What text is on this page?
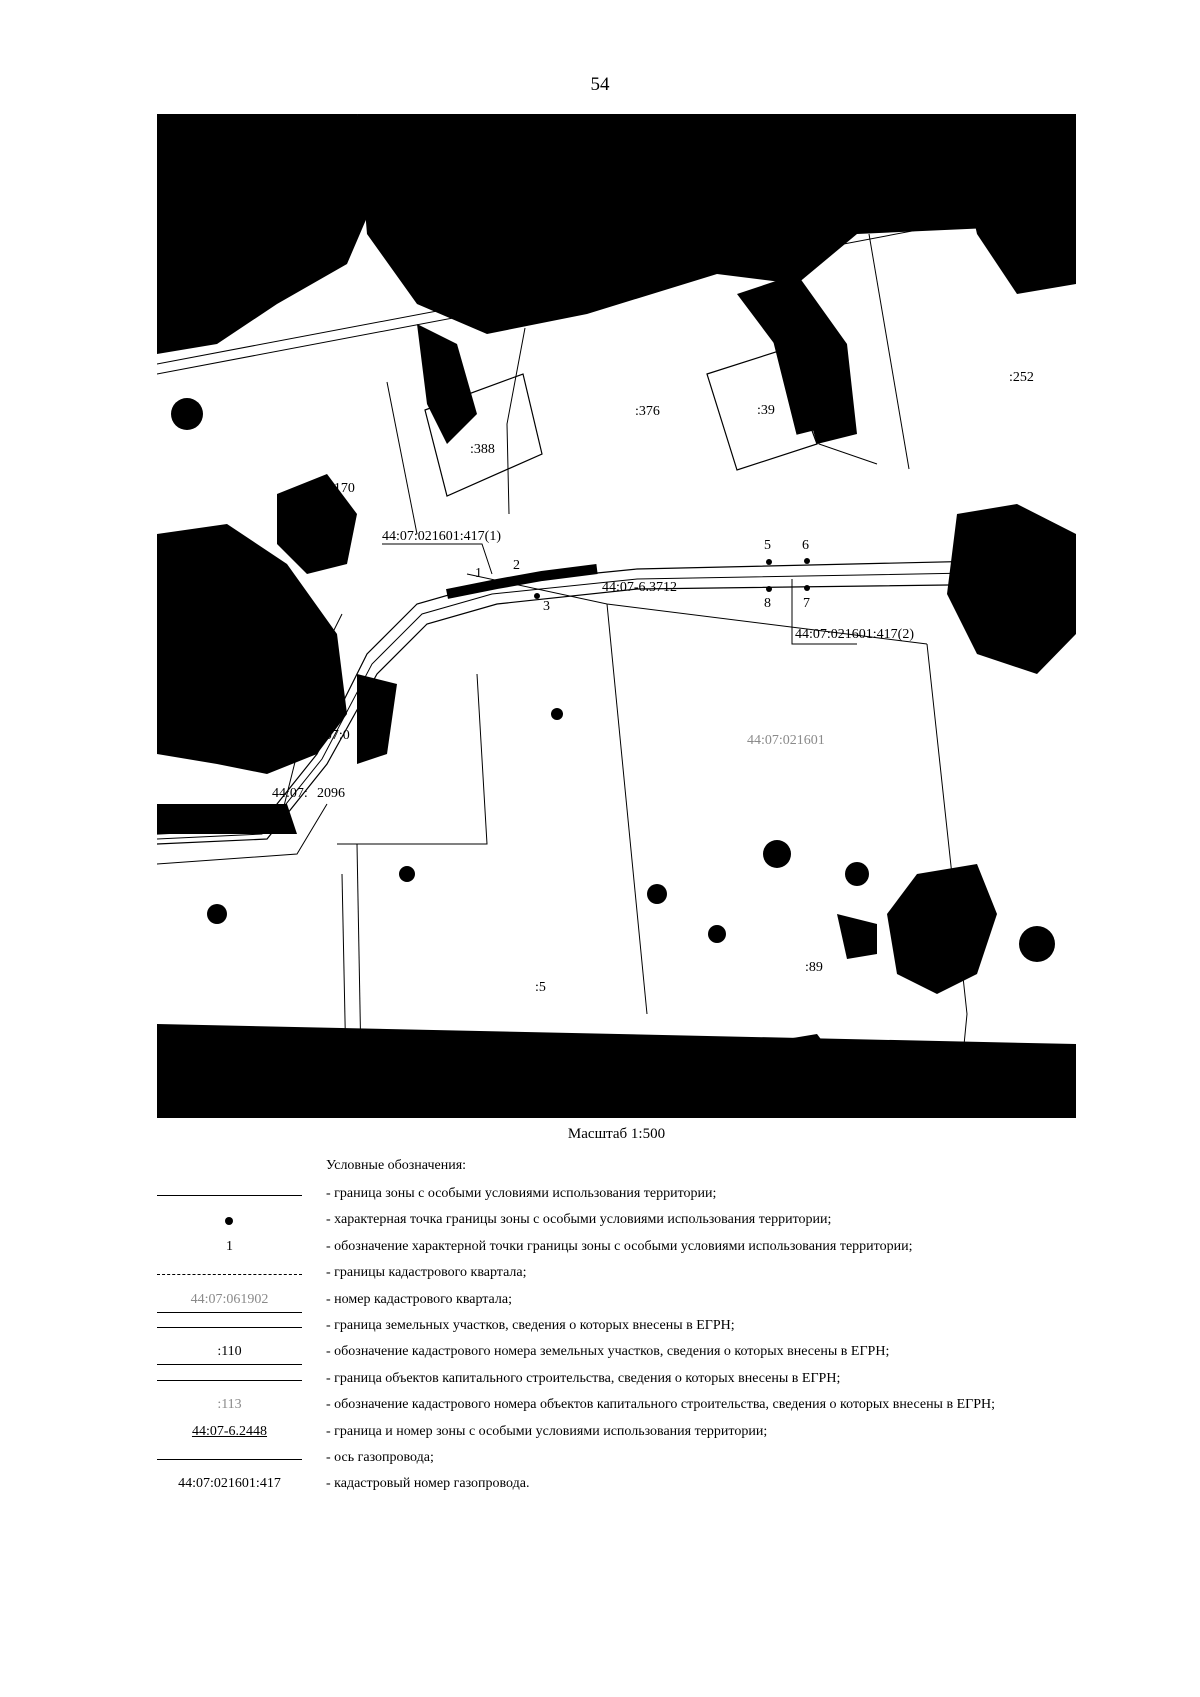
54
С
:252
:376	:39
:388
:170
:5
:89
44:07:021601
44:07:021601:417(1)
44:07:021601:417(2)
44:07-6.3712
44:07:0
44:07: 2096
1
2
3
5 6
7
8
Масштаб 1:500
Условные обозначения:
- граница зоны с особыми условиями использования территории;
- характерная точка границы зоны с особыми условиями использования территории;
1	- обозначение характерной точки границы зоны с особыми условиями использования территории;
- границы кадастрового квартала;
44:07:061902	- номер кадастрового квартала;
- граница земельных участков, сведения о которых внесены в ЕГРН;
:110	- обозначение кадастрового номера земельных участков, сведения о которых внесены в ЕГРН;
- граница объектов капитального строительства, сведения о которых внесены в ЕГРН;
:113	- обозначение кадастрового номера объектов капитального строительства, сведения о которых внесены в ЕГРН;
44:07-6.2448	- граница и номер зоны с особыми условиями использования территории;
- ось газопровода;
44:07:021601:417	- кадастровый номер газопровода.
